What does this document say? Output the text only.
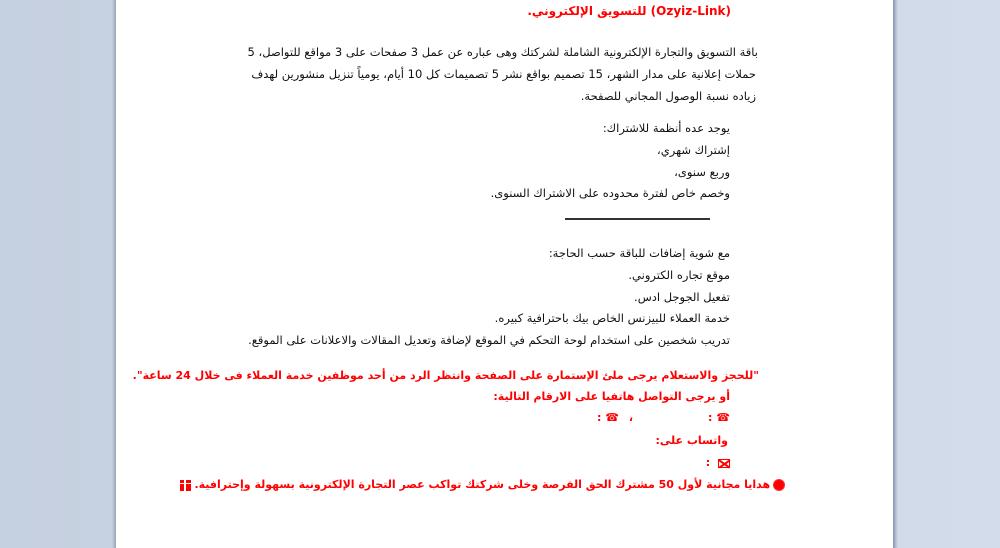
(Ozyiz-Link) للتسويق الإلكتروني.
باقة التسويق والتجارة الإلكترونية الشاملة لشركتك وهى عباره عن عمل 3 صفحات على 3 مواقع للتواصل، 5
حملات إعلانية على مدار الشهر، 15 تصميم بواقع نشر 5 تصميمات كل 10 أيام، يومياً تنزيل منشورين لهدف
زياده نسبة الوصول المجاني للصفحة.
يوجد عده أنظمة للاشتراك:
إشتراك شهري،
وربع سنوى،
وخصم خاص لفترة محدوده على الاشتراك السنوى.
مع شوية إضافات للباقة حسب الحاجة:
موقع تجاره الكتروني.
تفعيل الجوجل ادس.
خدمة العملاء للبيزنس الخاص بيك باحترافية كبيره.
تدريب شخصين على استخدام لوحة التحكم في الموقع لإضافة وتعديل المقالات والاعلانات على الموقع.
"للحجز والاستعلام يرجى ملئ الإستمارة على الصفحة وانتظر الرد من أحد موظفين خدمة العملاء فى خلال 24 ساعة".
أو يرجى التواصل هاتفيا على الارقام التالية:
☎ :
، ☎ :
واتساب على:
:
هدايا مجانية لأول 50 مشترك الحق الفرصة وخلى شركتك تواكب عصر التجارة الإلكترونية بسهولة وإحترافية.
